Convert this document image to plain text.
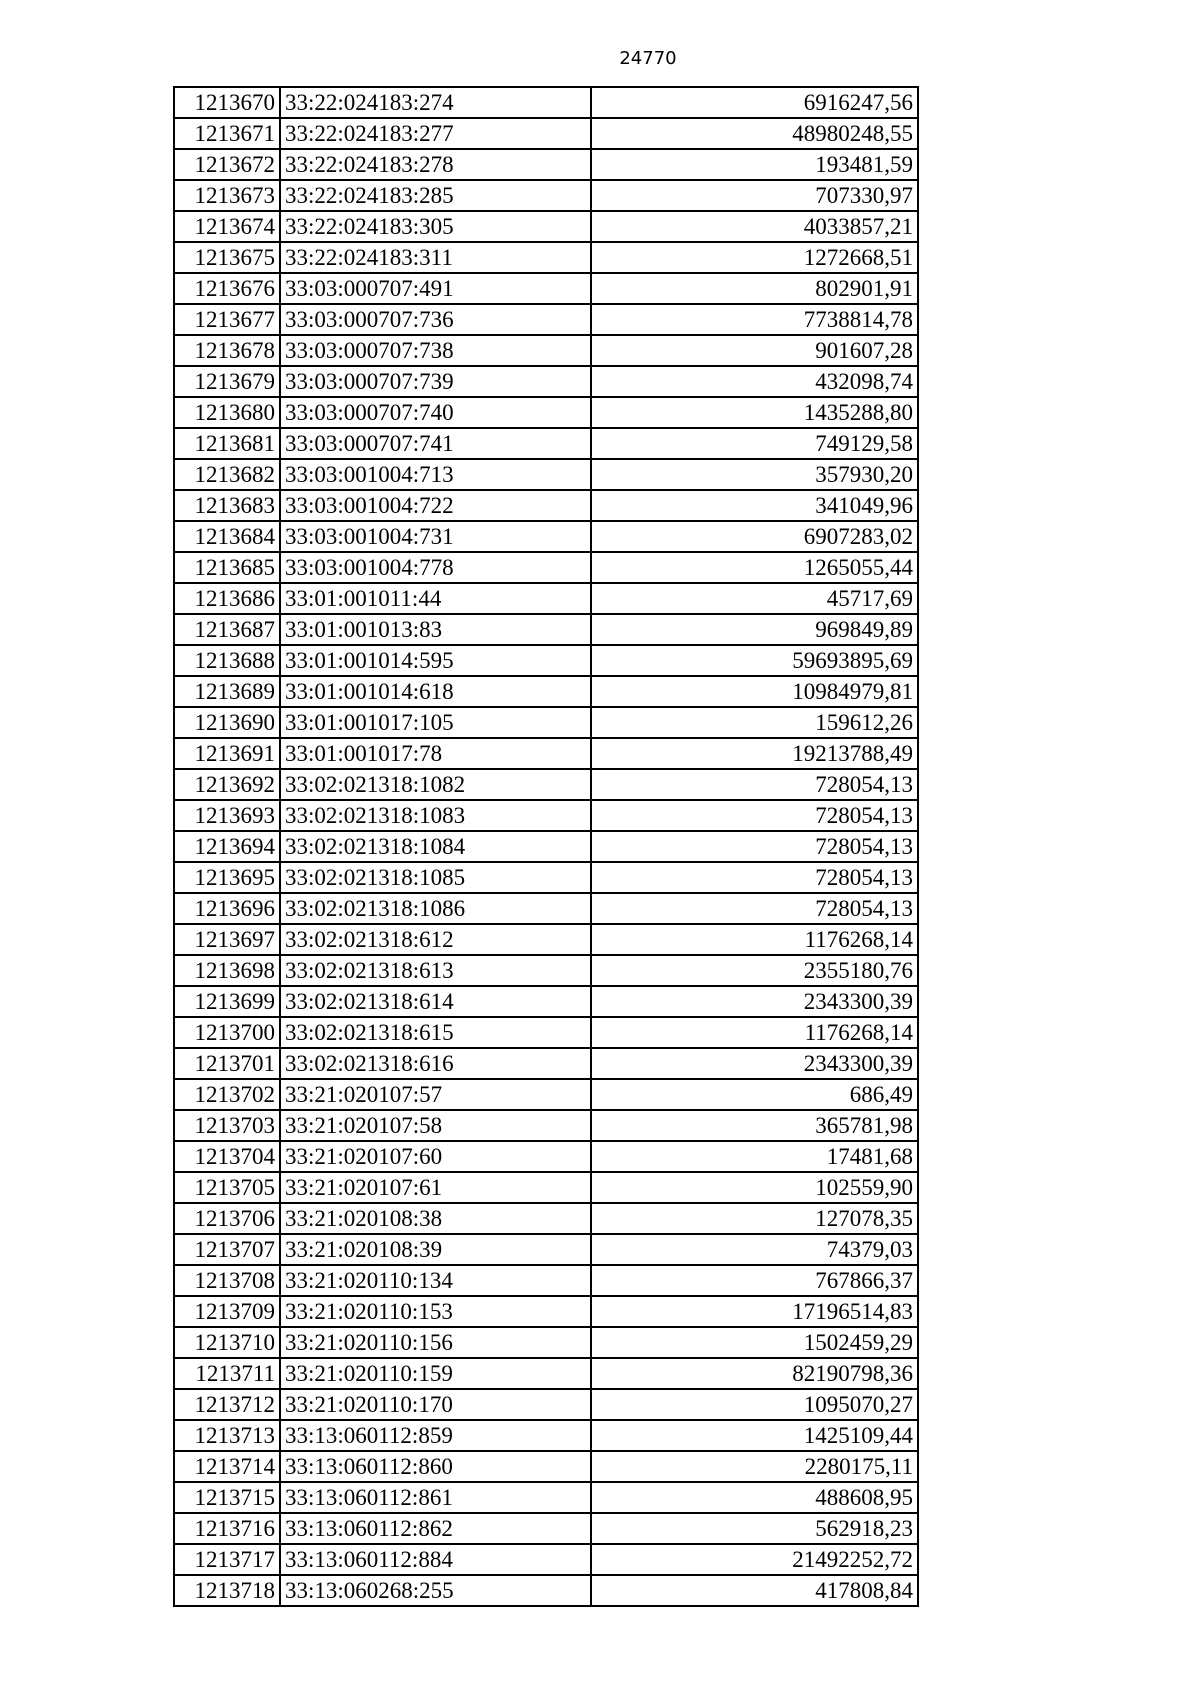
24770
1213670	33:22:024183:274	6916247,56
1213671	33:22:024183:277	48980248,55
1213672	33:22:024183:278	193481,59
1213673	33:22:024183:285	707330,97
1213674	33:22:024183:305	4033857,21
1213675	33:22:024183:311	1272668,51
1213676	33:03:000707:491	802901,91
1213677	33:03:000707:736	7738814,78
1213678	33:03:000707:738	901607,28
1213679	33:03:000707:739	432098,74
1213680	33:03:000707:740	1435288,80
1213681	33:03:000707:741	749129,58
1213682	33:03:001004:713	357930,20
1213683	33:03:001004:722	341049,96
1213684	33:03:001004:731	6907283,02
1213685	33:03:001004:778	1265055,44
1213686	33:01:001011:44	45717,69
1213687	33:01:001013:83	969849,89
1213688	33:01:001014:595	59693895,69
1213689	33:01:001014:618	10984979,81
1213690	33:01:001017:105	159612,26
1213691	33:01:001017:78	19213788,49
1213692	33:02:021318:1082	728054,13
1213693	33:02:021318:1083	728054,13
1213694	33:02:021318:1084	728054,13
1213695	33:02:021318:1085	728054,13
1213696	33:02:021318:1086	728054,13
1213697	33:02:021318:612	1176268,14
1213698	33:02:021318:613	2355180,76
1213699	33:02:021318:614	2343300,39
1213700	33:02:021318:615	1176268,14
1213701	33:02:021318:616	2343300,39
1213702	33:21:020107:57	686,49
1213703	33:21:020107:58	365781,98
1213704	33:21:020107:60	17481,68
1213705	33:21:020107:61	102559,90
1213706	33:21:020108:38	127078,35
1213707	33:21:020108:39	74379,03
1213708	33:21:020110:134	767866,37
1213709	33:21:020110:153	17196514,83
1213710	33:21:020110:156	1502459,29
1213711	33:21:020110:159	82190798,36
1213712	33:21:020110:170	1095070,27
1213713	33:13:060112:859	1425109,44
1213714	33:13:060112:860	2280175,11
1213715	33:13:060112:861	488608,95
1213716	33:13:060112:862	562918,23
1213717	33:13:060112:884	21492252,72
1213718	33:13:060268:255	417808,84
